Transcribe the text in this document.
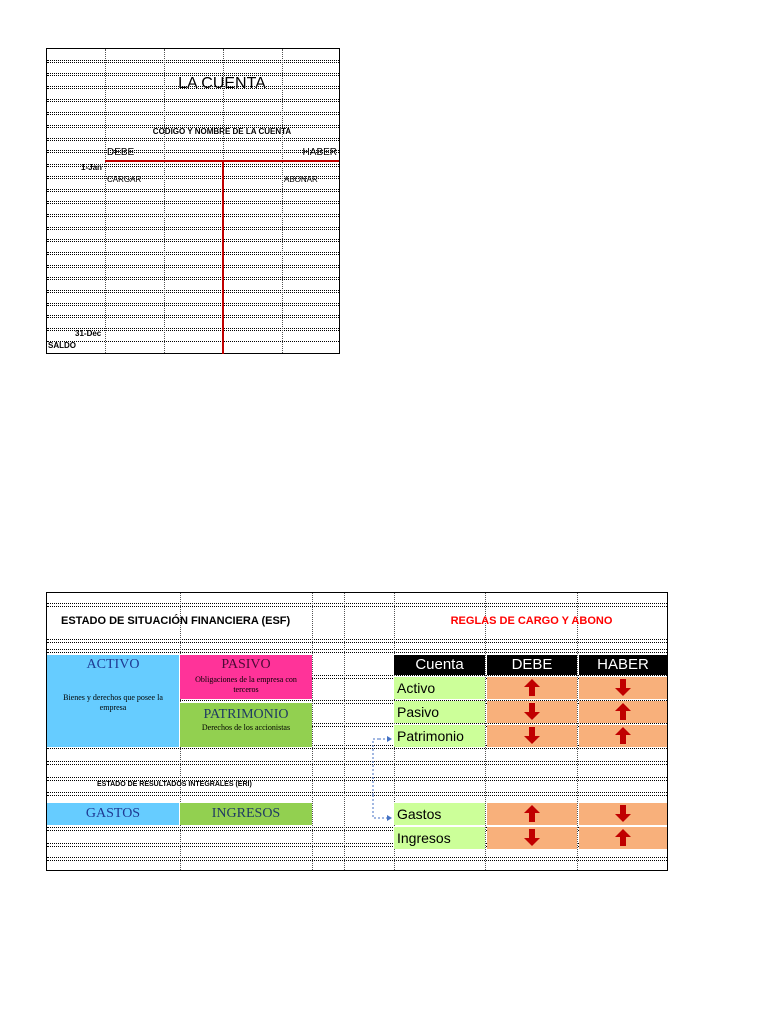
LA CUENTA
CODIGO Y NOMBRE DE LA CUENTA
DEBE	HABER
1-Jan
CARGAR	ABONAR
31-Dec
SALDO
ESTADO DE SITUACIÓN FINANCIERA (ESF)	REGLAS DE CARGO Y ABONO
ACTIVO
Bienes y derechos que posee la empresa
PASIVO
Obligaciones de la empresa con terceros
PATRIMONIO
Derechos de los accionistas
ESTADO DE RESULTADOS INTEGRALES (ERI)
GASTOS	INGRESOS
Cuenta	DEBE	HABER
Activo
Pasivo
Patrimonio
Gastos
Ingresos
